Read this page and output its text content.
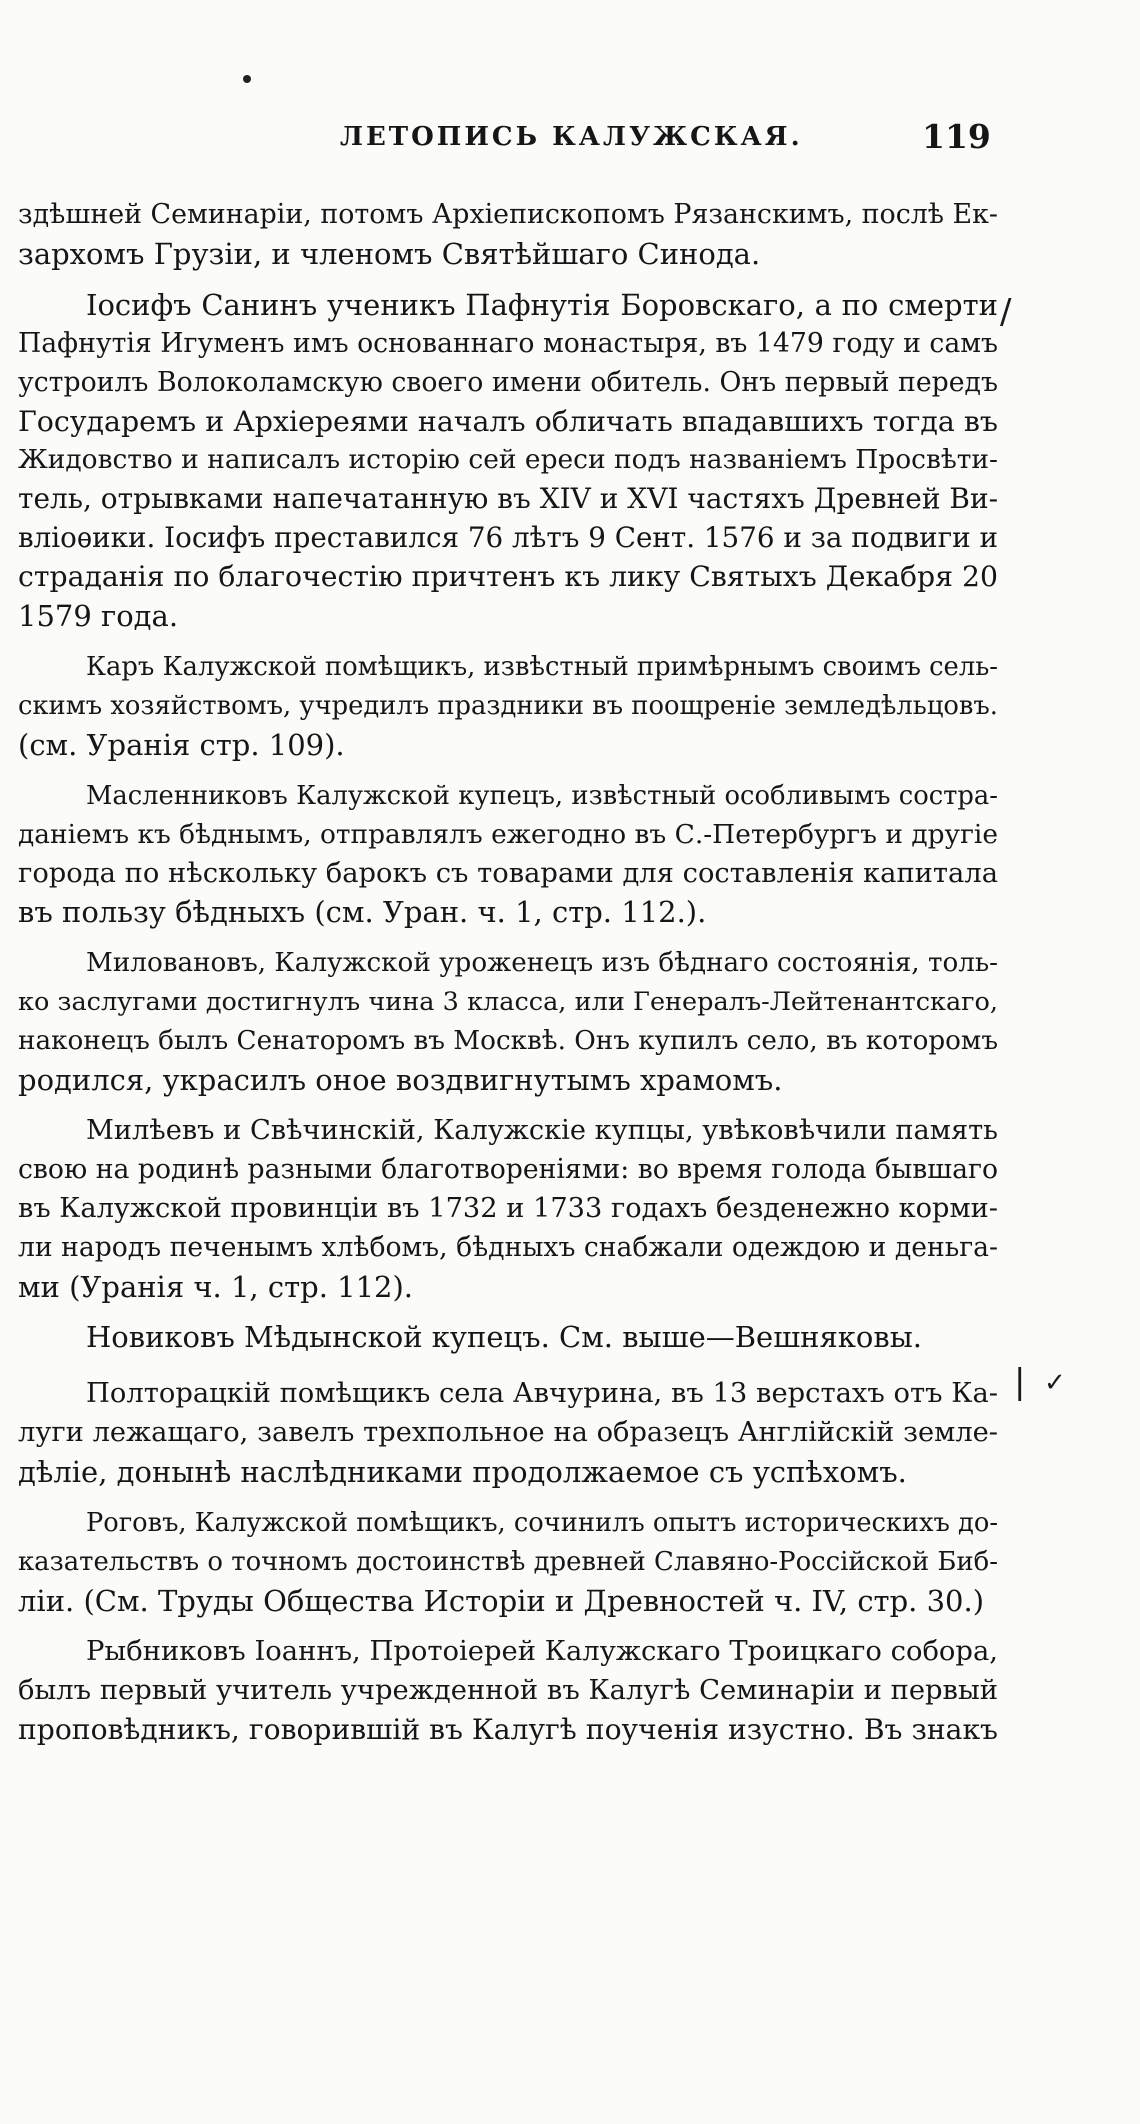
ЛЕТОПИСЬ КАЛУЖСКАЯ.	119
здѣшней Семинаріи, потомъ Архіепископомъ Рязанскимъ, послѣ Ек-
зархомъ Грузіи, и членомъ Святѣйшаго Синода.
Іосифъ Санинъ ученикъ Пафнутія Боровскаго, а по смерти
Пафнутія Игуменъ имъ основаннаго монастыря, въ 1479 году и самъ
устроилъ Волоколамскую своего имени обитель. Онъ первый передъ
Государемъ и Архіереями началъ обличать впадавшихъ тогда въ
Жидовство и написалъ исторію сей ереси подъ названіемъ Просвѣти-
тель, отрывками напечатанную въ XIV и XVI частяхъ Древней Ви-
вліоѳики. Іосифъ преставился 76 лѣтъ 9 Сент. 1576 и за подвиги и
страданія по благочестію причтенъ къ лику Святыхъ Декабря 20
1579 года.
Каръ Калужской помѣщикъ, извѣстный примѣрнымъ своимъ сель-
скимъ хозяйствомъ, учредилъ праздники въ поощреніе земледѣльцовъ.
(см. Уранія стр. 109).
Масленниковъ Калужской купецъ, извѣстный особливымъ состра-
даніемъ къ бѣднымъ, отправлялъ ежегодно въ С.-Петербургъ и другіе
города по нѣскольку барокъ съ товарами для составленія капитала
въ пользу бѣдныхъ (см. Уран. ч. 1, стр. 112.).
Миловановъ, Калужской уроженецъ изъ бѣднаго состоянія, толь-
ко заслугами достигнулъ чина 3 класса, или Генералъ-Лейтенантскаго,
наконецъ былъ Сенаторомъ въ Москвѣ. Онъ купилъ село, въ которомъ
родился, украсилъ оное воздвигнутымъ храмомъ.
Милѣевъ и Свѣчинскій, Калужскіе купцы, увѣковѣчили память
свою на родинѣ разными благотвореніями: во время голода бывшаго
въ Калужской провинціи въ 1732 и 1733 годахъ безденежно корми-
ли народъ печенымъ хлѣбомъ, бѣдныхъ снабжали одеждою и деньга-
ми (Уранія ч. 1, стр. 112).
Новиковъ Мѣдынской купецъ. См. выше—Вешняковы.
Полторацкій помѣщикъ села Авчурина, въ 13 верстахъ отъ Ка-
луги лежащаго, завелъ трехпольное на образецъ Англійскій земле-
дѣліе, донынѣ наслѣдниками продолжаемое съ успѣхомъ.
Роговъ, Калужской помѣщикъ, сочинилъ опытъ историческихъ до-
казательствъ о точномъ достоинствѣ древней Славяно-Россійской Биб-
ліи. (См. Труды Общества Исторіи и Древностей ч. IV, стр. 30.)
Рыбниковъ Іоаннъ, Протоіерей Калужскаго Троицкаго собора,
былъ первый учитель учрежденной въ Калугѣ Семинаріи и первый
проповѣдникъ, говорившій въ Калугѣ поученія изустно. Въ знакъ
/
| ✓
